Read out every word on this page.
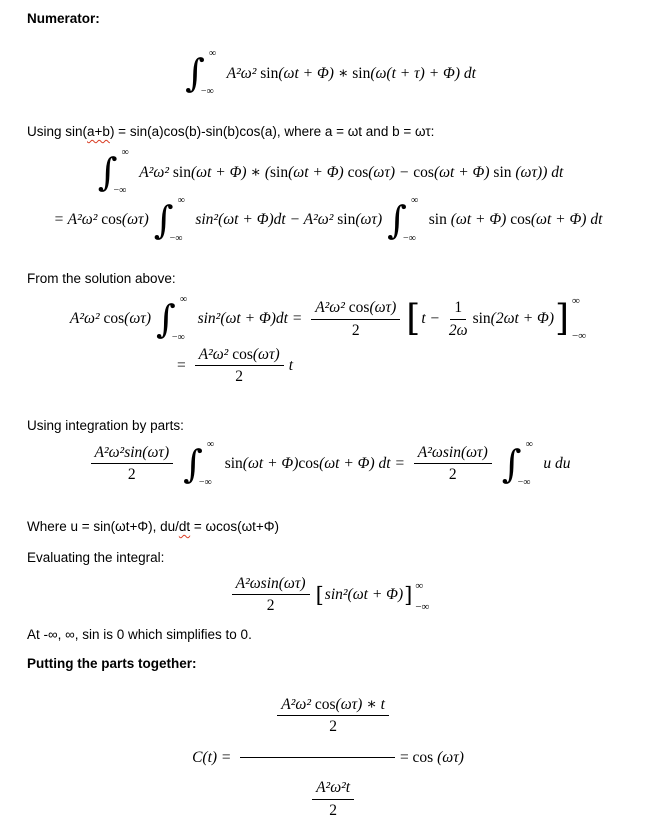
Numerator:

∫ ∞
−∞
A²ω² sin(ωt + Φ) ∗ sin(ω(t + τ) + Φ) dt

Using sin(a+b) = sin(a)cos(b)-sin(b)cos(a), where a = ωt and b = ωτ:

∫ ∞
−∞
A²ω² sin(ωt + Φ) ∗ (sin(ωt + Φ) cos(ωτ) − cos(ωt + Φ) sin (ωτ)) dt
= A²ω² cos(ωτ) ∫ ∞
−∞
sin²(ωt + Φ)dt − A²ω² sin(ωτ) ∫ ∞
−∞
sin (ωt + Φ) cos(ωt + Φ) dt

From the solution above:

A²ω² cos(ωτ) ∫ ∞
−∞
$\sin^2(\omega t + \Phi)dt = \frac{\text{A²ω² cos(ωτ)}}{2}$ [ $t - \frac{1}{2\omega} \sin(2\omega t + \Phi)$ ] ∞
−∞
= $\frac{\text{A²ω² cos(ωτ)}}{2}$ t

Using integration by parts:

$\frac{\text{A²ω²sin(ωτ)}}{2}$ ∫ ∞
−∞
sin(ωt + Φ)cos(ωt + Φ) dt = $\frac{\text{A²ωsin(ωτ)}}{2}$ ∫ ∞
−∞
u du

Where u = sin(ωt+Φ), du/dt = ωcos(ωt+Φ)

Evaluating the integral:

$\frac{\text{A²ωsin(ωτ)}}{2}$ [ sin²(ωt + Φ) ] ∞
−∞

At -∞, ∞, sin is 0 which simplifies to 0.

Putting the parts together:

C(t) =

$\frac{\frac{\text{A²ω² cos(ωτ) ∗ t}}{2}}{\frac{\text{A²ω²t}}{2}}$

= cos (ωτ)
